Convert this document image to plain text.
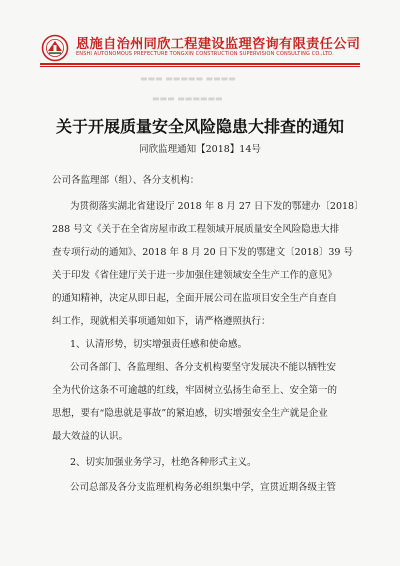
恩施自治州同欣工程建设监理咨询有限责任公司
ENSHI AUTONOMOUS PREFECTURE TONGXIN CONSTRUCTION SUPERVISION CONSULTING CO.,LTD.
▬▬▬ ▬▬▬▬▬ ▬▬▬▬
▬▬▬ ▬▬▬▬▬▬
关于开展质量安全风险隐患大排查的通知
同欣监理通知【2018】14号
公司各监理部（组）、各分支机构：
为贯彻落实湖北省建设厅 2018 年 8 月 27 日下发的鄂建办〔2018〕
288 号文《关于在全省房屋市政工程领域开展质量安全风险隐患大排
查专项行动的通知》、2018 年 8 月 20 日下发的鄂建文〔2018〕39 号
关于印发《省住建厅关于进一步加强住建领域安全生产工作的意见》
的通知精神，决定从即日起，全面开展公司在监项目安全生产自查自
纠工作，现就相关事项通知如下，请严格遵照执行：
1、认清形势，切实增强责任感和使命感。
公司各部门、各监理组、各分支机构要坚守发展决不能以牺牲安
全为代价这条不可逾越的红线，牢固树立弘扬生命至上、安全第一的
思想，要有“隐患就是事故”的紧迫感，切实增强安全生产就是企业
最大效益的认识。
2、切实加强业务学习，杜绝各种形式主义。
公司总部及各分支监理机构务必组织集中学，宣贯近期各级主管
